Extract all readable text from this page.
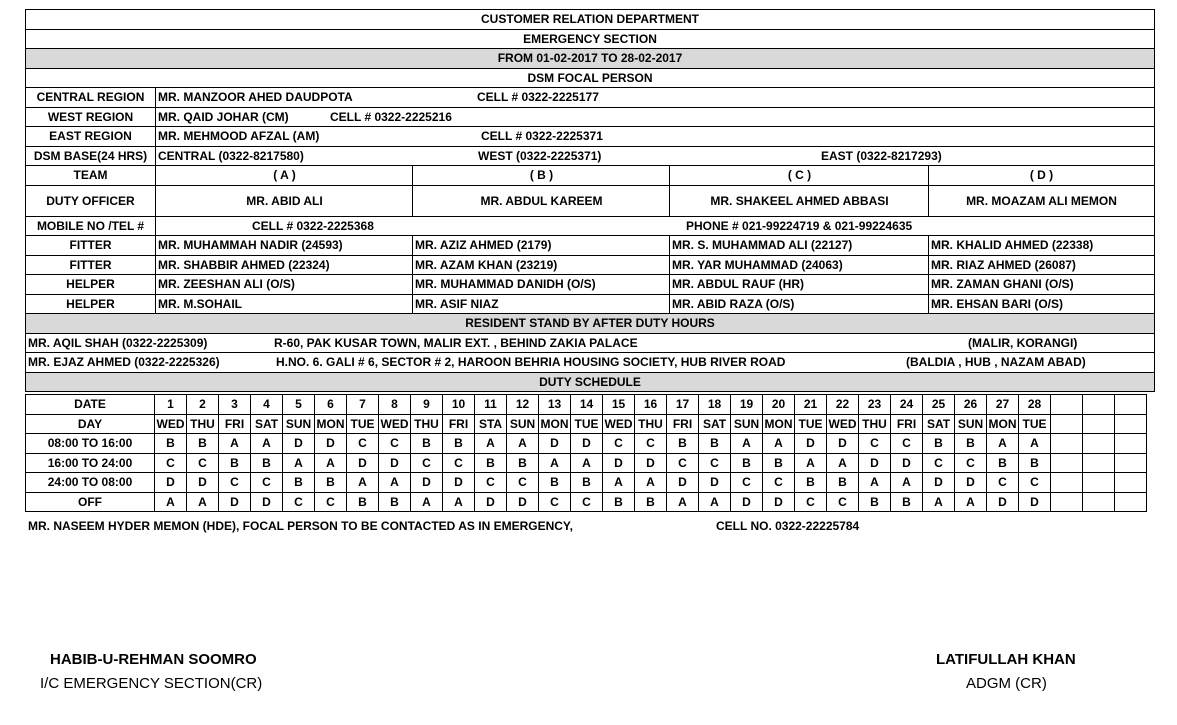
CUSTOMER RELATION DEPARTMENT
EMERGENCY SECTION
FROM 01-02-2017 TO 28-02-2017
DSM FOCAL PERSON
CENTRAL REGION	MR. MANZOOR AHED DAUDPOTA	CELL # 0322-2225177
WEST REGION	MR. QAID JOHAR (CM)	CELL # 0322-2225216
EAST REGION	MR. MEHMOOD AFZAL (AM)	CELL # 0322-2225371
DSM BASE(24 HRS) CENTRAL (0322-8217580)	WEST (0322-2225371)	EAST (0322-8217293)
TEAM	( A )	( B )	( C )	( D )
DUTY OFFICER	MR. ABID ALI	MR. ABDUL KAREEM	MR. SHAKEEL AHMED ABBASI	MR. MOAZAM ALI MEMON
MOBILE NO /TEL #	CELL # 0322-2225368	PHONE # 021-99224719 & 021-99224635
FITTER	MR. MUHAMMAH NADIR (24593)	MR. AZIZ AHMED (2179)	MR. S. MUHAMMAD ALI (22127)	MR. KHALID AHMED (22338)
FITTER	MR. SHABBIR AHMED (22324)	MR. AZAM KHAN (23219)	MR. YAR MUHAMMAD (24063)	MR. RIAZ AHMED (26087)
HELPER	MR. ZEESHAN ALI (O/S)	MR. MUHAMMAD DANIDH (O/S)	MR. ABDUL RAUF (HR)	MR. ZAMAN GHANI (O/S)
HELPER	MR. M.SOHAIL	MR. ASIF NIAZ	MR. ABID RAZA (O/S)	MR. EHSAN BARI (O/S)
RESIDENT STAND BY AFTER DUTY HOURS
MR. AQIL SHAH (0322-2225309)	R-60, PAK KUSAR TOWN, MALIR EXT. , BEHIND ZAKIA PALACE	(MALIR, KORANGI)
MR. EJAZ AHMED (0322-2225326)	H.NO. 6. GALI # 6, SECTOR # 2, HAROON BEHRIA HOUSING SOCIETY, HUB RIVER ROAD	(BALDIA , HUB , NAZAM ABAD)
DUTY SCHEDULE
DATE	1	2	3	4	5	6	7	8	9	10	11	12	13	14	15	16	17	18	19	20	21	22	23	24	25	26	27	28			
DAY	WED	THU	FRI	SAT	SUN	MON	TUE	WED	THU	FRI	STA	SUN	MON	TUE	WED	THU	FRI	SAT	SUN	MON	TUE	WED	THU	FRI	SAT	SUN	MON	TUE			
08:00 TO 16:00	B	B	A	A	D	D	C	C	B	B	A	A	D	D	C	C	B	B	A	A	D	D	C	C	B	B	A	A			
16:00 TO 24:00	C	C	B	B	A	A	D	D	C	C	B	B	A	A	D	D	C	C	B	B	A	A	D	D	C	C	B	B			
24:00 TO 08:00	D	D	C	C	B	B	A	A	D	D	C	C	B	B	A	A	D	D	C	C	B	B	A	A	D	D	C	C			
OFF	A	A	D	D	C	C	B	B	A	A	D	D	C	C	B	B	A	A	D	D	C	C	B	B	A	A	D	D			
MR. NASEEM HYDER MEMON (HDE), FOCAL PERSON TO BE CONTACTED AS IN EMERGENCY,	CELL NO. 0322-22225784
HABIB-U-REHMAN SOOMRO
I/C EMERGENCY SECTION(CR)
LATIFULLAH KHAN
ADGM (CR)
